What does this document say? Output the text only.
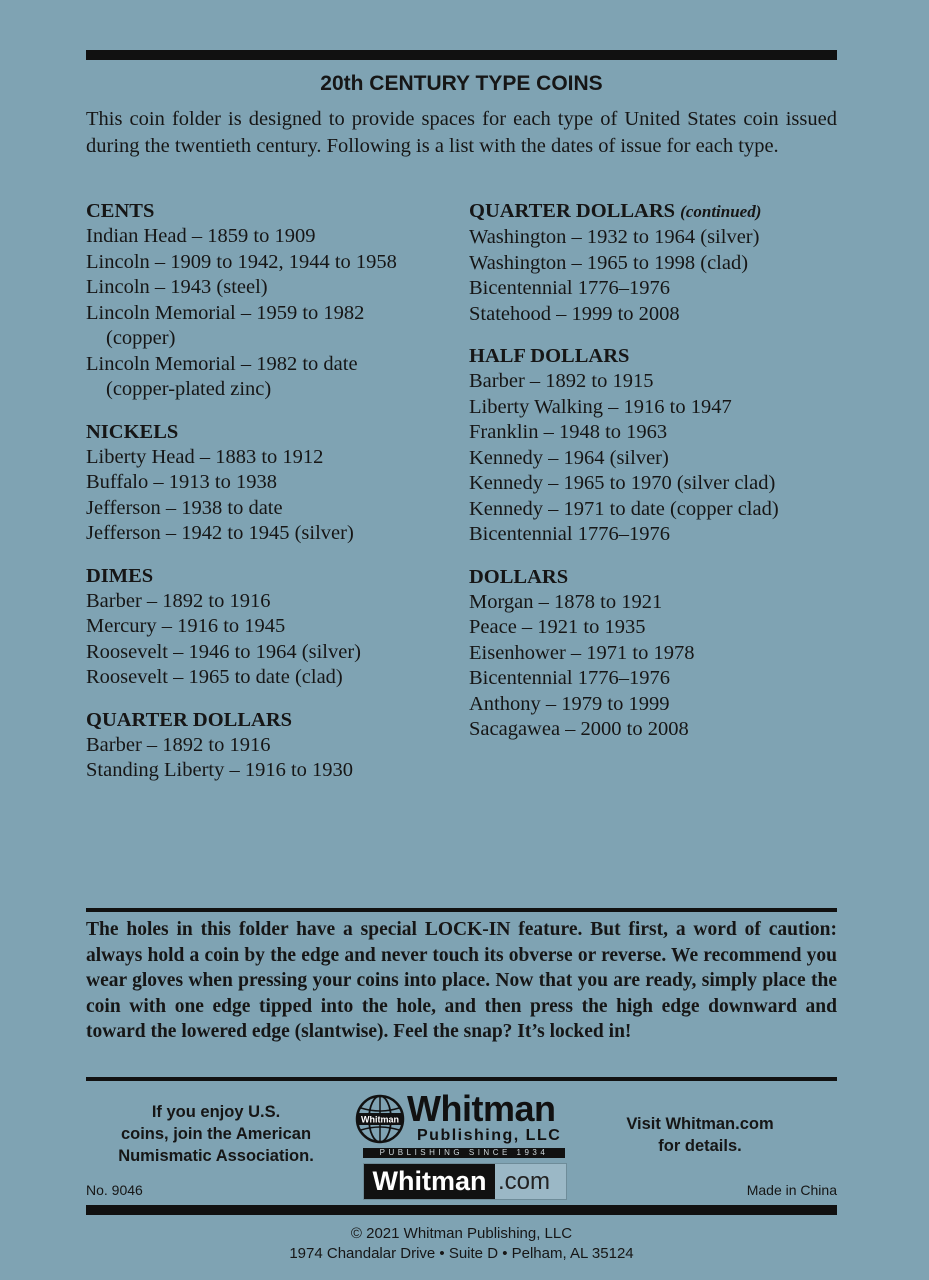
20th CENTURY TYPE COINS
This coin folder is designed to provide spaces for each type of United States coin issued during the twentieth century. Following is a list with the dates of issue for each type.
CENTS
Indian Head – 1859 to 1909
Lincoln – 1909 to 1942, 1944 to 1958
Lincoln – 1943 (steel)
Lincoln Memorial – 1959 to 1982
(copper)
Lincoln Memorial – 1982 to date
(copper-plated zinc)
NICKELS
Liberty Head – 1883 to 1912
Buffalo – 1913 to 1938
Jefferson – 1938 to date
Jefferson – 1942 to 1945 (silver)
DIMES
Barber – 1892 to 1916
Mercury – 1916 to 1945
Roosevelt – 1946 to 1964 (silver)
Roosevelt – 1965 to date (clad)
QUARTER DOLLARS
Barber – 1892 to 1916
Standing Liberty – 1916 to 1930
QUARTER DOLLARS (continued)
Washington – 1932 to 1964 (silver)
Washington – 1965 to 1998 (clad)
Bicentennial 1776–1976
Statehood – 1999 to 2008
HALF DOLLARS
Barber – 1892 to 1915
Liberty Walking – 1916 to 1947
Franklin – 1948 to 1963
Kennedy – 1964 (silver)
Kennedy – 1965 to 1970 (silver clad)
Kennedy – 1971 to date (copper clad)
Bicentennial 1776–1976
DOLLARS
Morgan – 1878 to 1921
Peace – 1921 to 1935
Eisenhower – 1971 to 1978
Bicentennial 1776–1976
Anthony – 1979 to 1999
Sacagawea – 2000 to 2008
The holes in this folder have a special LOCK-IN feature. But first, a word of caution: always hold a coin by the edge and never touch its obverse or reverse. We recommend you wear gloves when pressing your coins into place. Now that you are ready, simply place the coin with one edge tipped into the hole, and then press the high edge downward and toward the lowered edge (slantwise). Feel the snap? It’s locked in!
If you enjoy U.S.
coins, join the American
Numismatic Association.
Whitman Whitman
Publishing, LLC
PUBLISHING SINCE 1934
Whitman .com
Visit Whitman.com
for details.
No. 9046	Made in China
© 2021 Whitman Publishing, LLC
1974 Chandalar Drive • Suite D • Pelham, AL 35124
